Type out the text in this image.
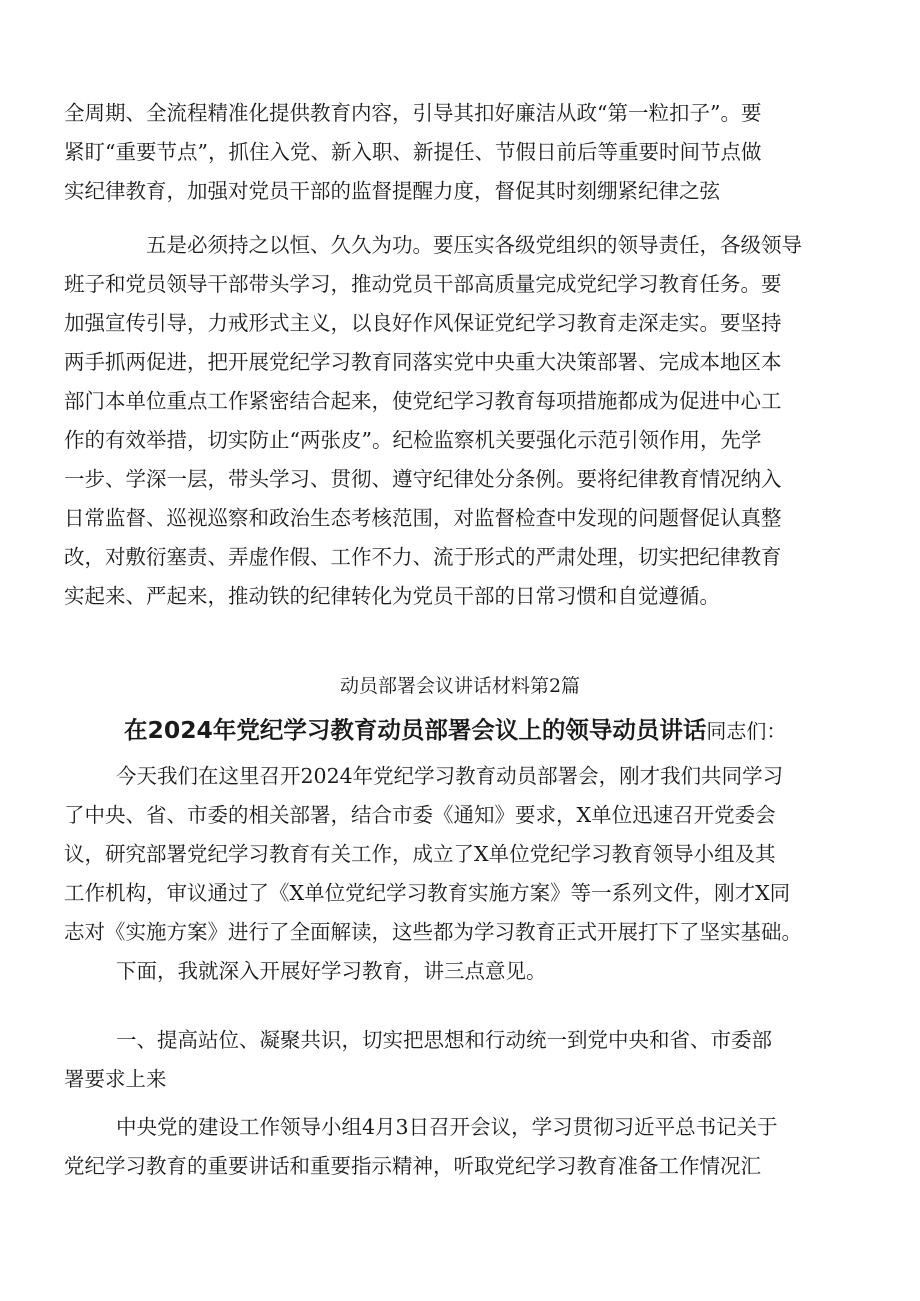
全周期、全流程精准化提供教育内容，引导其扣好廉洁从政“第一粒扣子”。要
紧盯“重要节点”，抓住入党、新入职、新提任、节假日前后等重要时间节点做
实纪律教育，加强对党员干部的监督提醒力度，督促其时刻绷紧纪律之弦
五是必须持之以恒、久久为功。要压实各级党组织的领导责任，各级领导
班子和党员领导干部带头学习，推动党员干部高质量完成党纪学习教育任务。要
加强宣传引导，力戒形式主义，以良好作风保证党纪学习教育走深走实。要坚持
两手抓两促进，把开展党纪学习教育同落实党中央重大决策部署、完成本地区本
部门本单位重点工作紧密结合起来，使党纪学习教育每项措施都成为促进中心工
作的有效举措，切实防止“两张皮”。纪检监察机关要强化示范引领作用，先学
一步、学深一层，带头学习、贯彻、遵守纪律处分条例。要将纪律教育情况纳入
日常监督、巡视巡察和政治生态考核范围，对监督检查中发现的问题督促认真整
改，对敷衍塞责、弄虚作假、工作不力、流于形式的严肃处理，切实把纪律教育
实起来、严起来，推动铁的纪律转化为党员干部的日常习惯和自觉遵循。
动员部署会议讲话材料第2篇
在2024年党纪学习教育动员部署会议上的领导动员讲话同志们：
今天我们在这里召开2024年党纪学习教育动员部署会，刚才我们共同学习
了中央、省、市委的相关部署，结合市委《通知》要求，X单位迅速召开党委会
议，研究部署党纪学习教育有关工作，成立了X单位党纪学习教育领导小组及其
工作机构，审议通过了《X单位党纪学习教育实施方案》等一系列文件，刚才X同
志对《实施方案》进行了全面解读，这些都为学习教育正式开展打下了坚实基础。
下面，我就深入开展好学习教育，讲三点意见。
一、提高站位、凝聚共识，切实把思想和行动统一到党中央和省、市委部
署要求上来
中央党的建设工作领导小组4月3日召开会议，学习贯彻习近平总书记关于
党纪学习教育的重要讲话和重要指示精神，听取党纪学习教育准备工作情况汇
